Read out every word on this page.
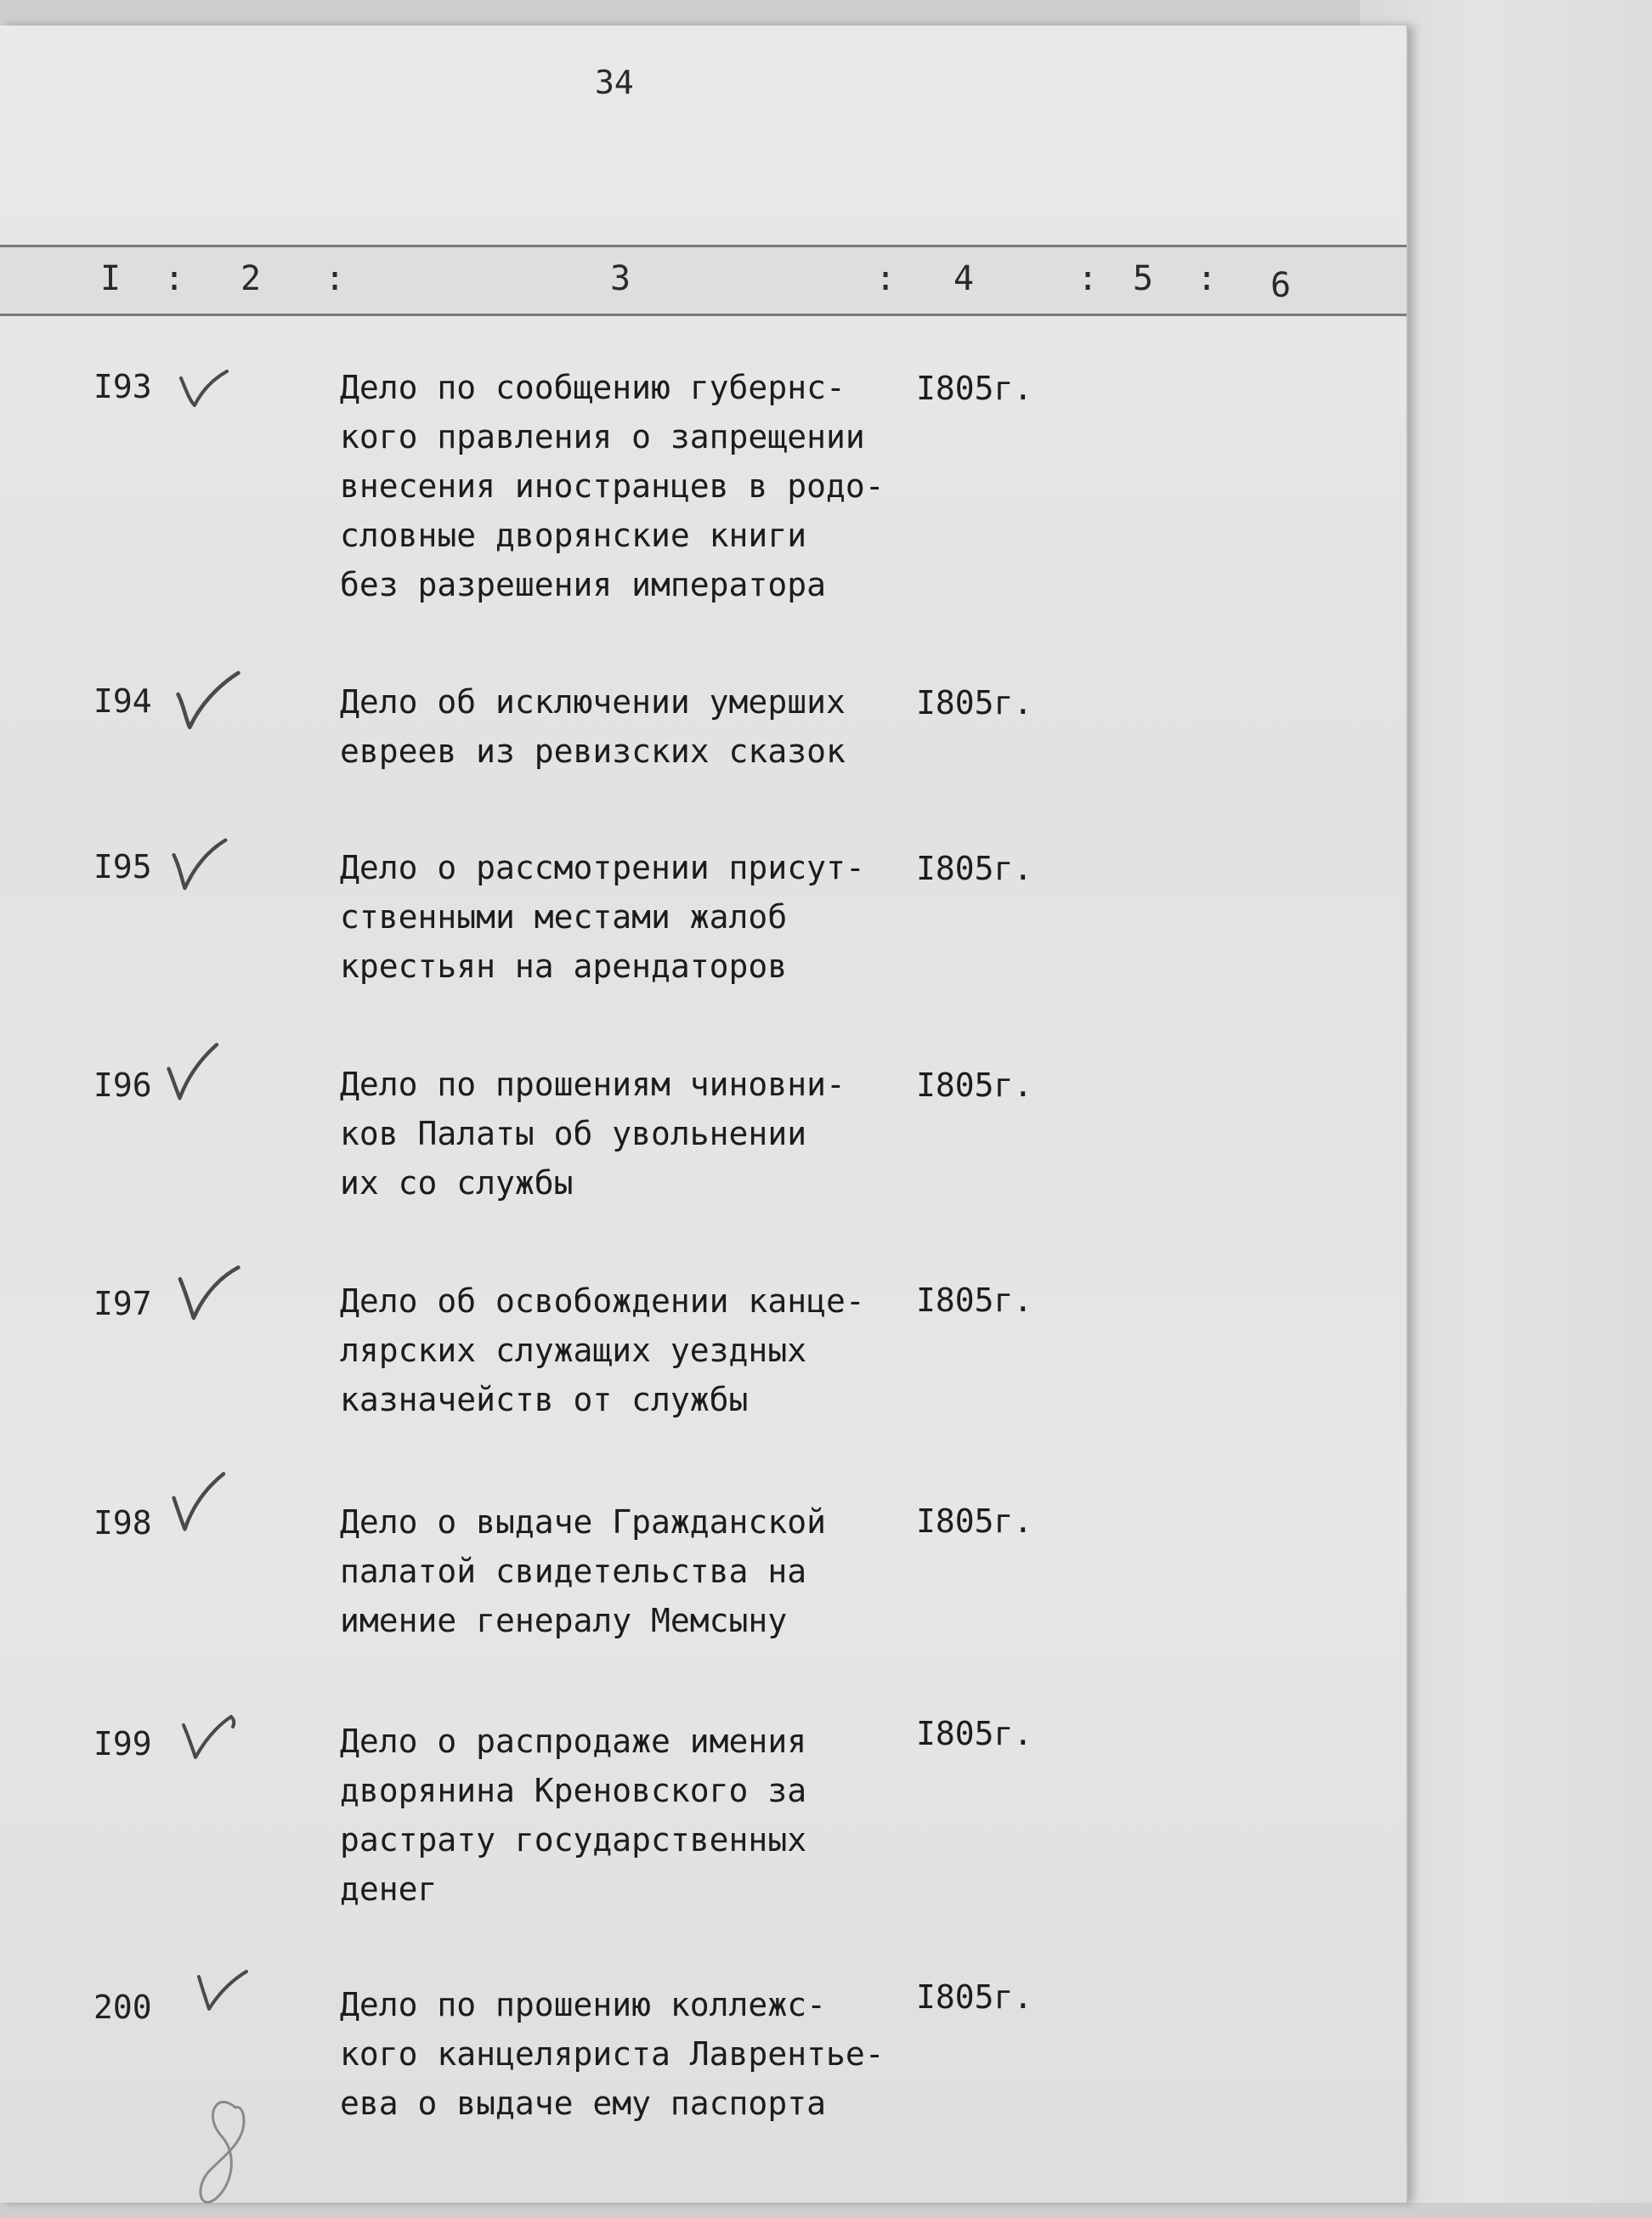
34
I : 2 :	3	: 4	: 5 : 6
I93	Дело по сообщению губернс-
кого правления о запрещении
внесения иностранцев в родо-
словные дворянские книги
без разрешения императора
I805г.
I94	Дело об исключении умерших
евреев из ревизских сказок
I805г.
I95	Дело о рассмотрении присут-
ственными местами жалоб
крестьян на арендаторов
I805г.
I96	Дело по прошениям чиновни-
ков Палаты об увольнении
их со службы
I805г.
I97	Дело об освобождении канце-
лярских служащих уездных
казначейств от службы
I805г.
I98	Дело о выдаче Гражданской
палатой свидетельства на
имение генералу Мемсыну
I805г.
I99	Дело о распродаже имения
дворянина Креновского за
растрату государственных
денег
I805г.
200	Дело по прошению коллежс-
кого канцеляриста Лаврентье-
ева о выдаче ему паспорта
I805г.
